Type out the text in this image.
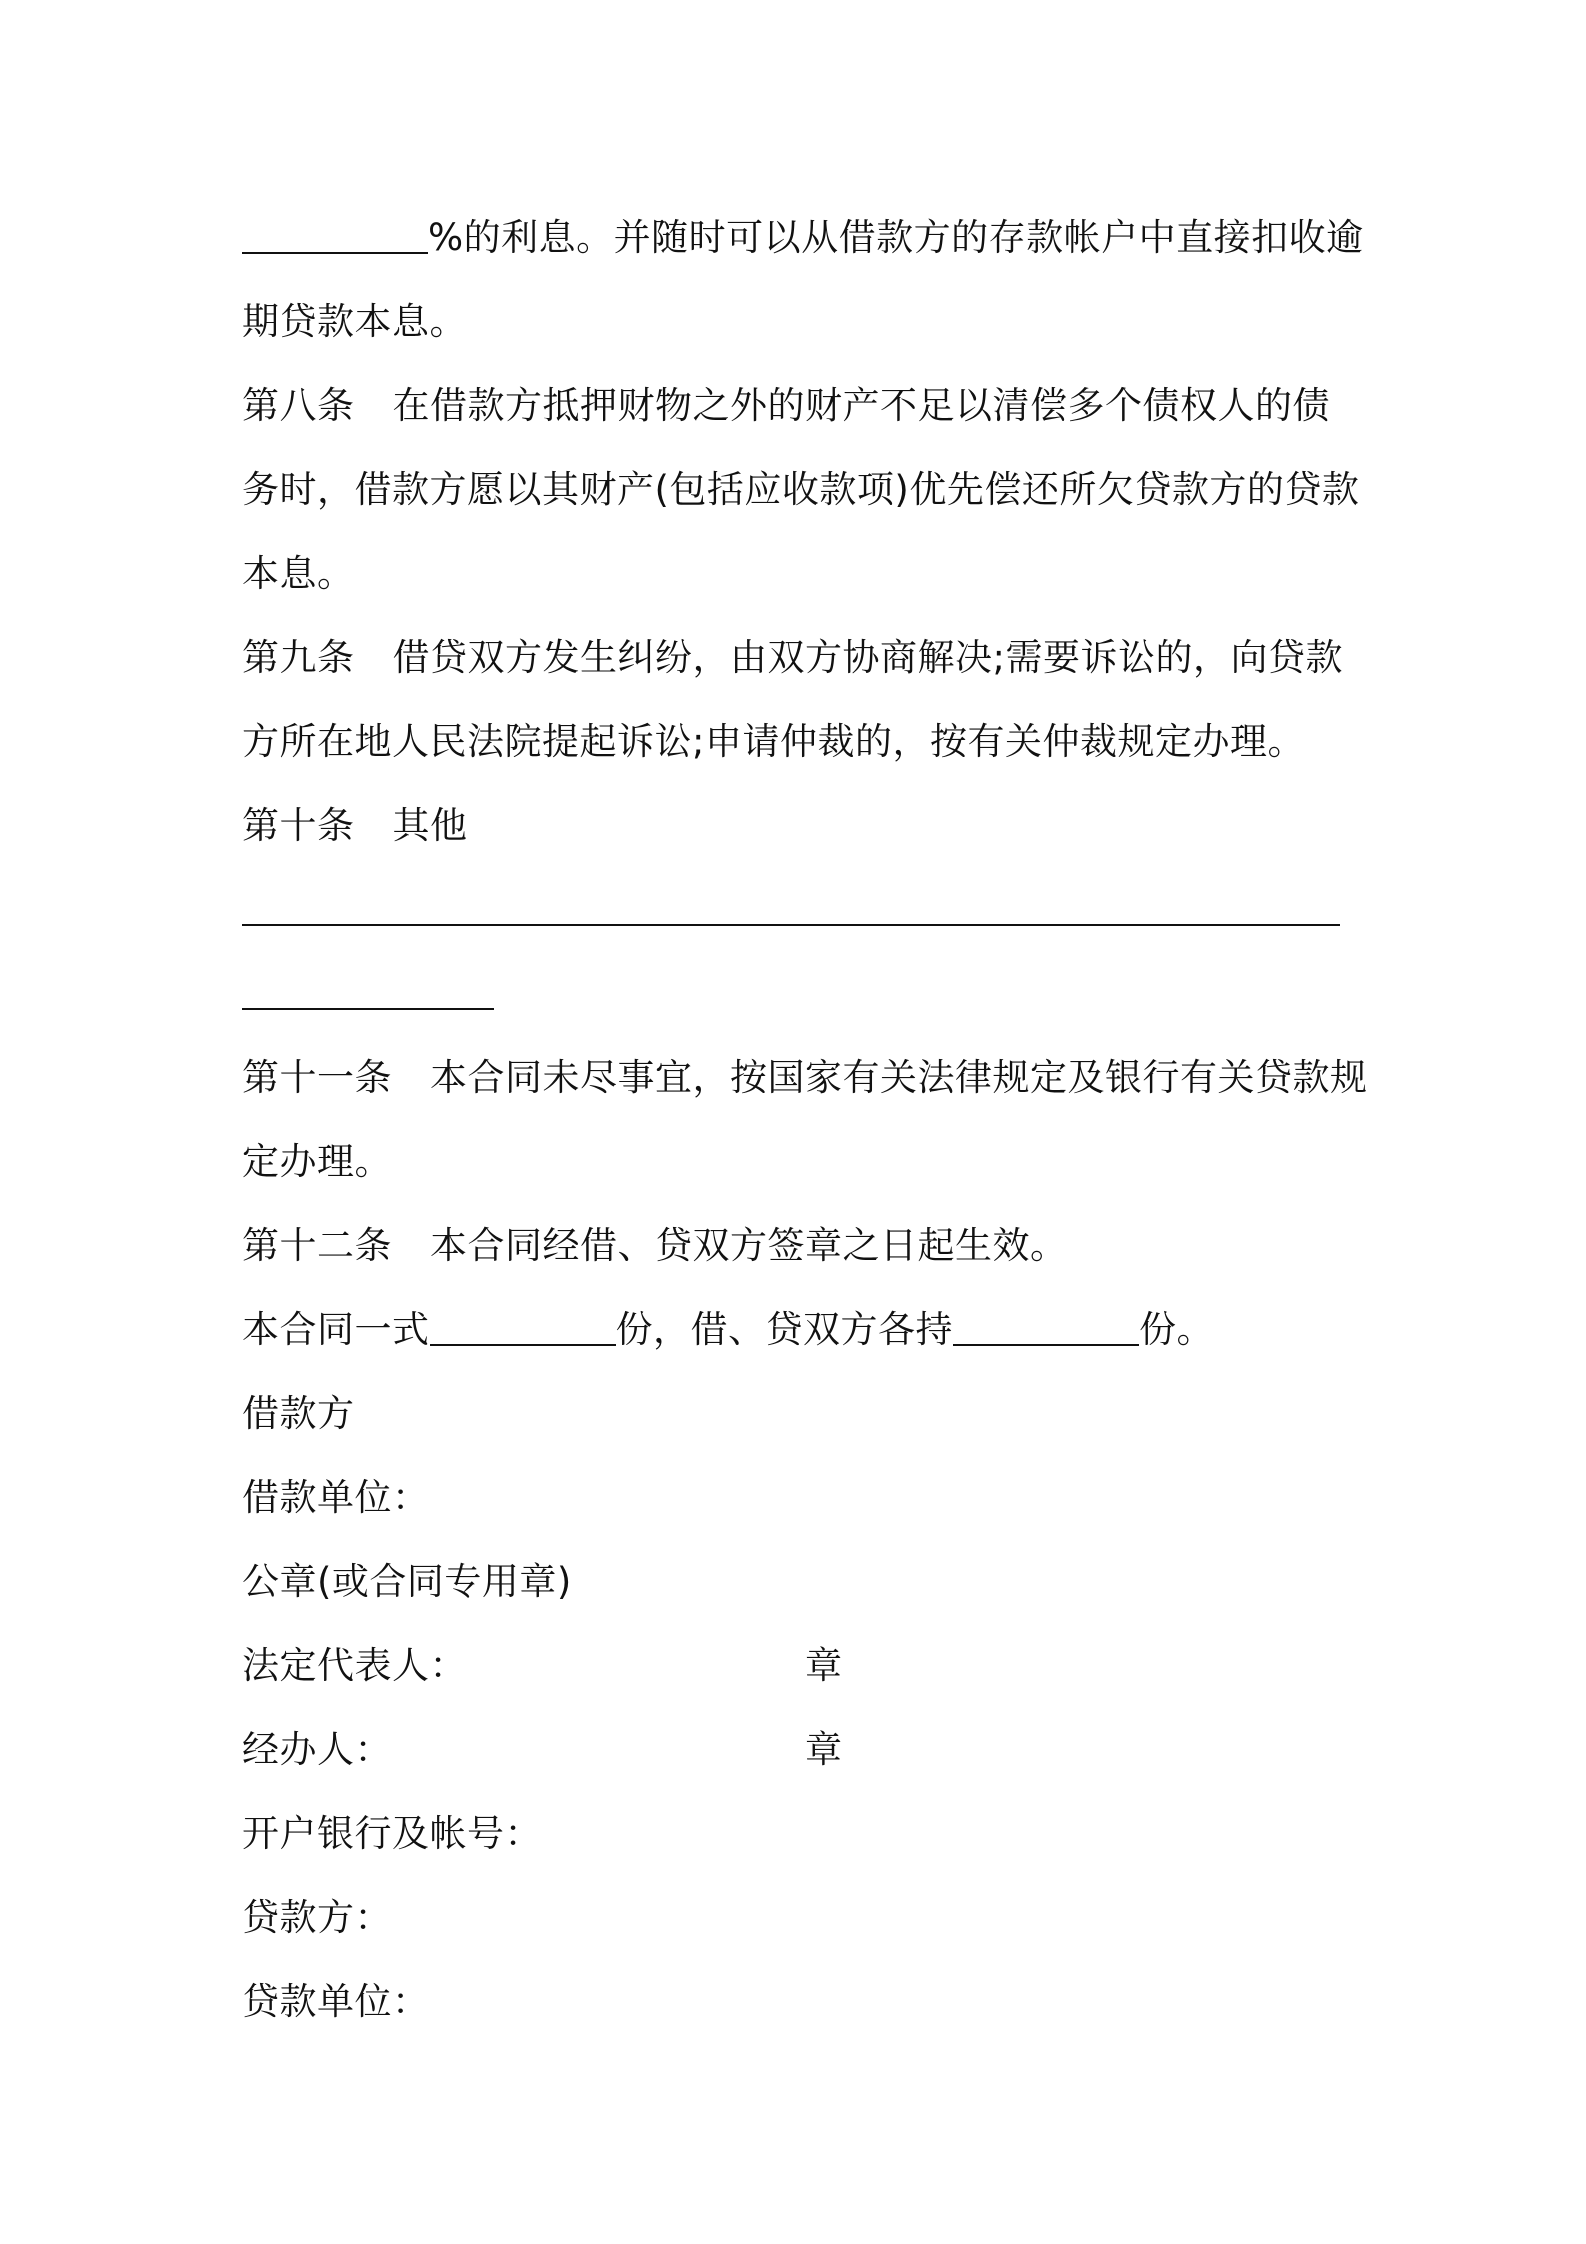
%的利息。并随时可以从借款方的存款帐户中直接扣收逾
期贷款本息。
第八条 在借款方抵押财物之外的财产不足以清偿多个债权人的债
务时，借款方愿以其财产(包括应收款项)优先偿还所欠贷款方的贷款
本息。
第九条 借贷双方发生纠纷，由双方协商解决;需要诉讼的，向贷款
方所在地人民法院提起诉讼;申请仲裁的，按有关仲裁规定办理。
第十条 其他
第十一条 本合同未尽事宜，按国家有关法律规定及银行有关贷款规
定办理。
第十二条 本合同经借、贷双方签章之日起生效。
本合同一式	份，借、贷双方各持	份。
借款方
借款单位：
公章(或合同专用章)
法定代表人：	章
经办人：	章
开户银行及帐号：
贷款方：
贷款单位：
